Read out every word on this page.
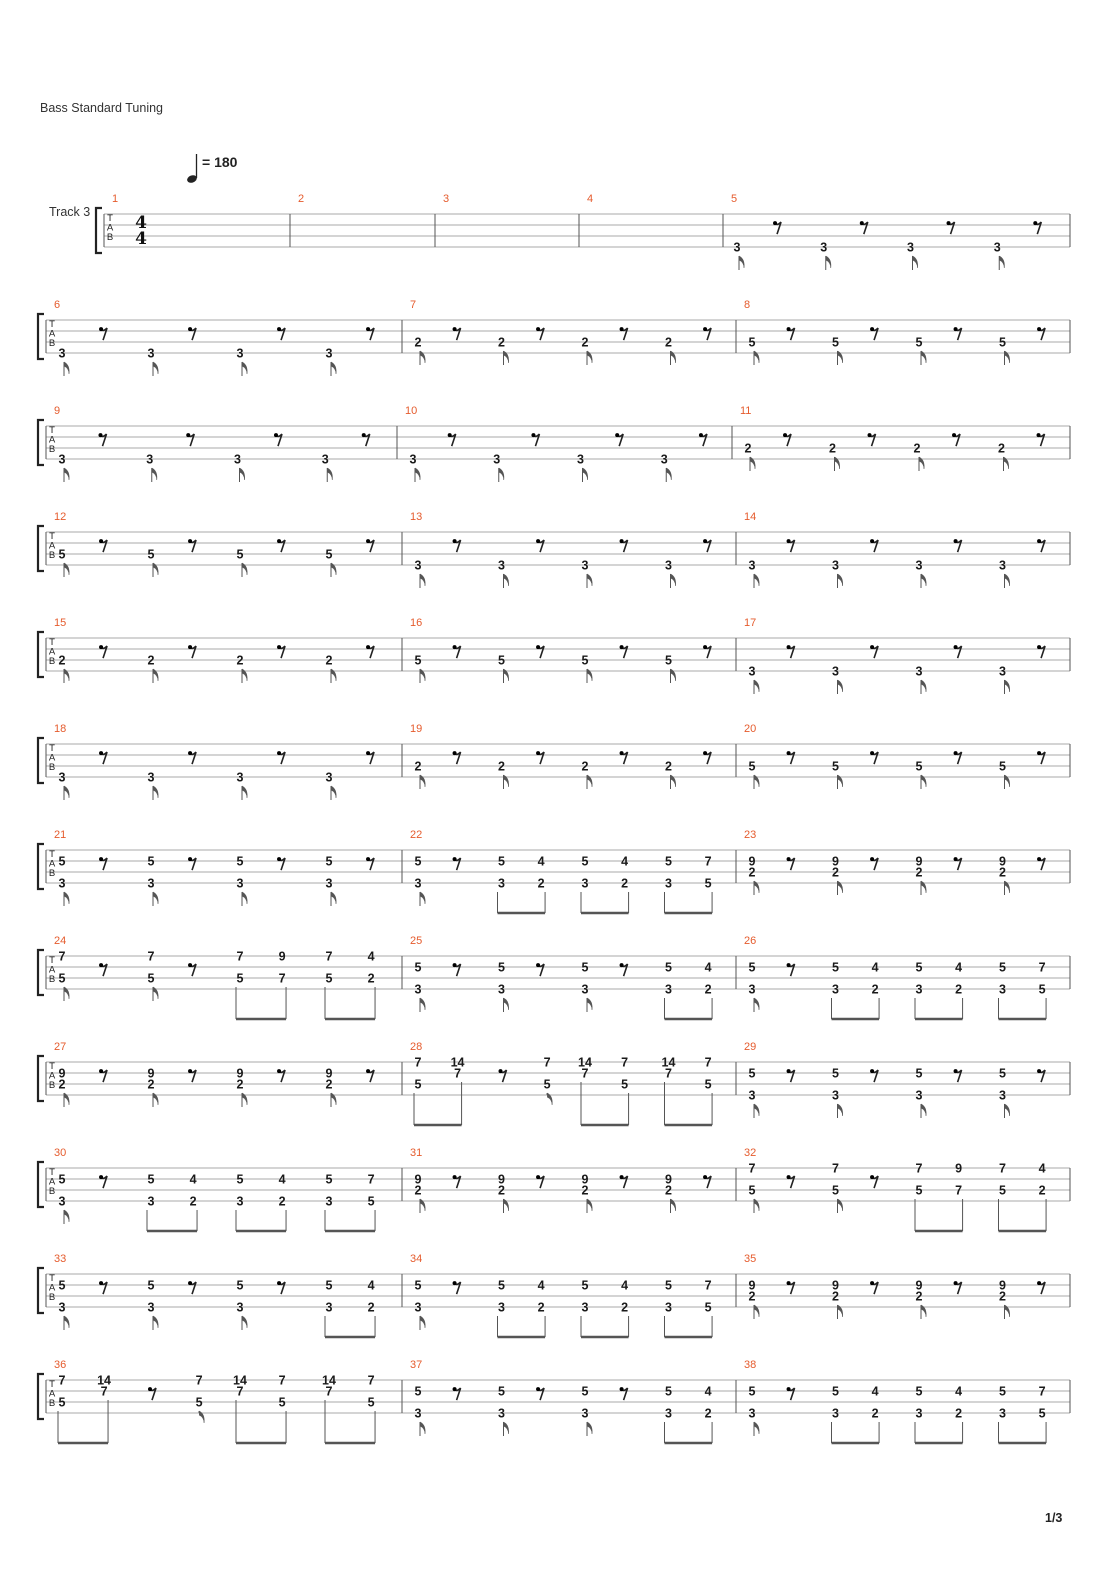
Bass Standard Tuning
= 180
Track 3 T
A
B
4
4
1	2	3	4	5
3	3	3	3
T
A
B
6
3	3	3	3
7
2	2	2	2
8
5	5	5	5
T
A
B
9
3	3	3	3
10
3	3	3	3
11
2	2	2	2
T
A
B
12
5	5	5	5
13
3	3	3	3
14
3	3	3	3
T
A
B
15
2	2	2	2
16
5	5	5	5
17
3	3	3	3
T
A
B
18
3	3	3	3
19
2	2	2	2
20
5	5	5	5
T
A
B
21
5
3
5
3
5
3
5
3
22
5
3
5
3
4
2
5
3
4
2
5
3
7
5
23
9
2
9
2
9
2
9
2
T
A
B
24
7
5
7
5
7
5
9
7
7
5
4
2
25
5
3
5
3
5
3
5
3
4
2
26
5
3
5
3
4
2
5
3
4
2
5
3
7
5
T
A
B
27
9
2
9
2
9
2
9
2
28
7
5
14
7
7
5
14
7
7
5
14
7
7
5
29
5
3
5
3
5
3
5
3
T
A
B
30
5
3
5
3
4
2
5
3
4
2
5
3
7
5
31
9
2
9
2
9
2
9
2
32
7
5
7
5
7
5
9
7
7
5
4
2
T
A
B
33
5
3
5
3
5
3
5
3
4
2
34
5
3
5
3
4
2
5
3
4
2
5
3
7
5
35
9
2
9
2
9
2
9
2
T
A
B
36
7
5
14
7
7
5
14
7
7
5
14
7
7
5
37
5
3
5
3
5
3
5
3
4
2
38
5
3
5
3
4
2
5
3
4
2
5
3
7
5
1/3
